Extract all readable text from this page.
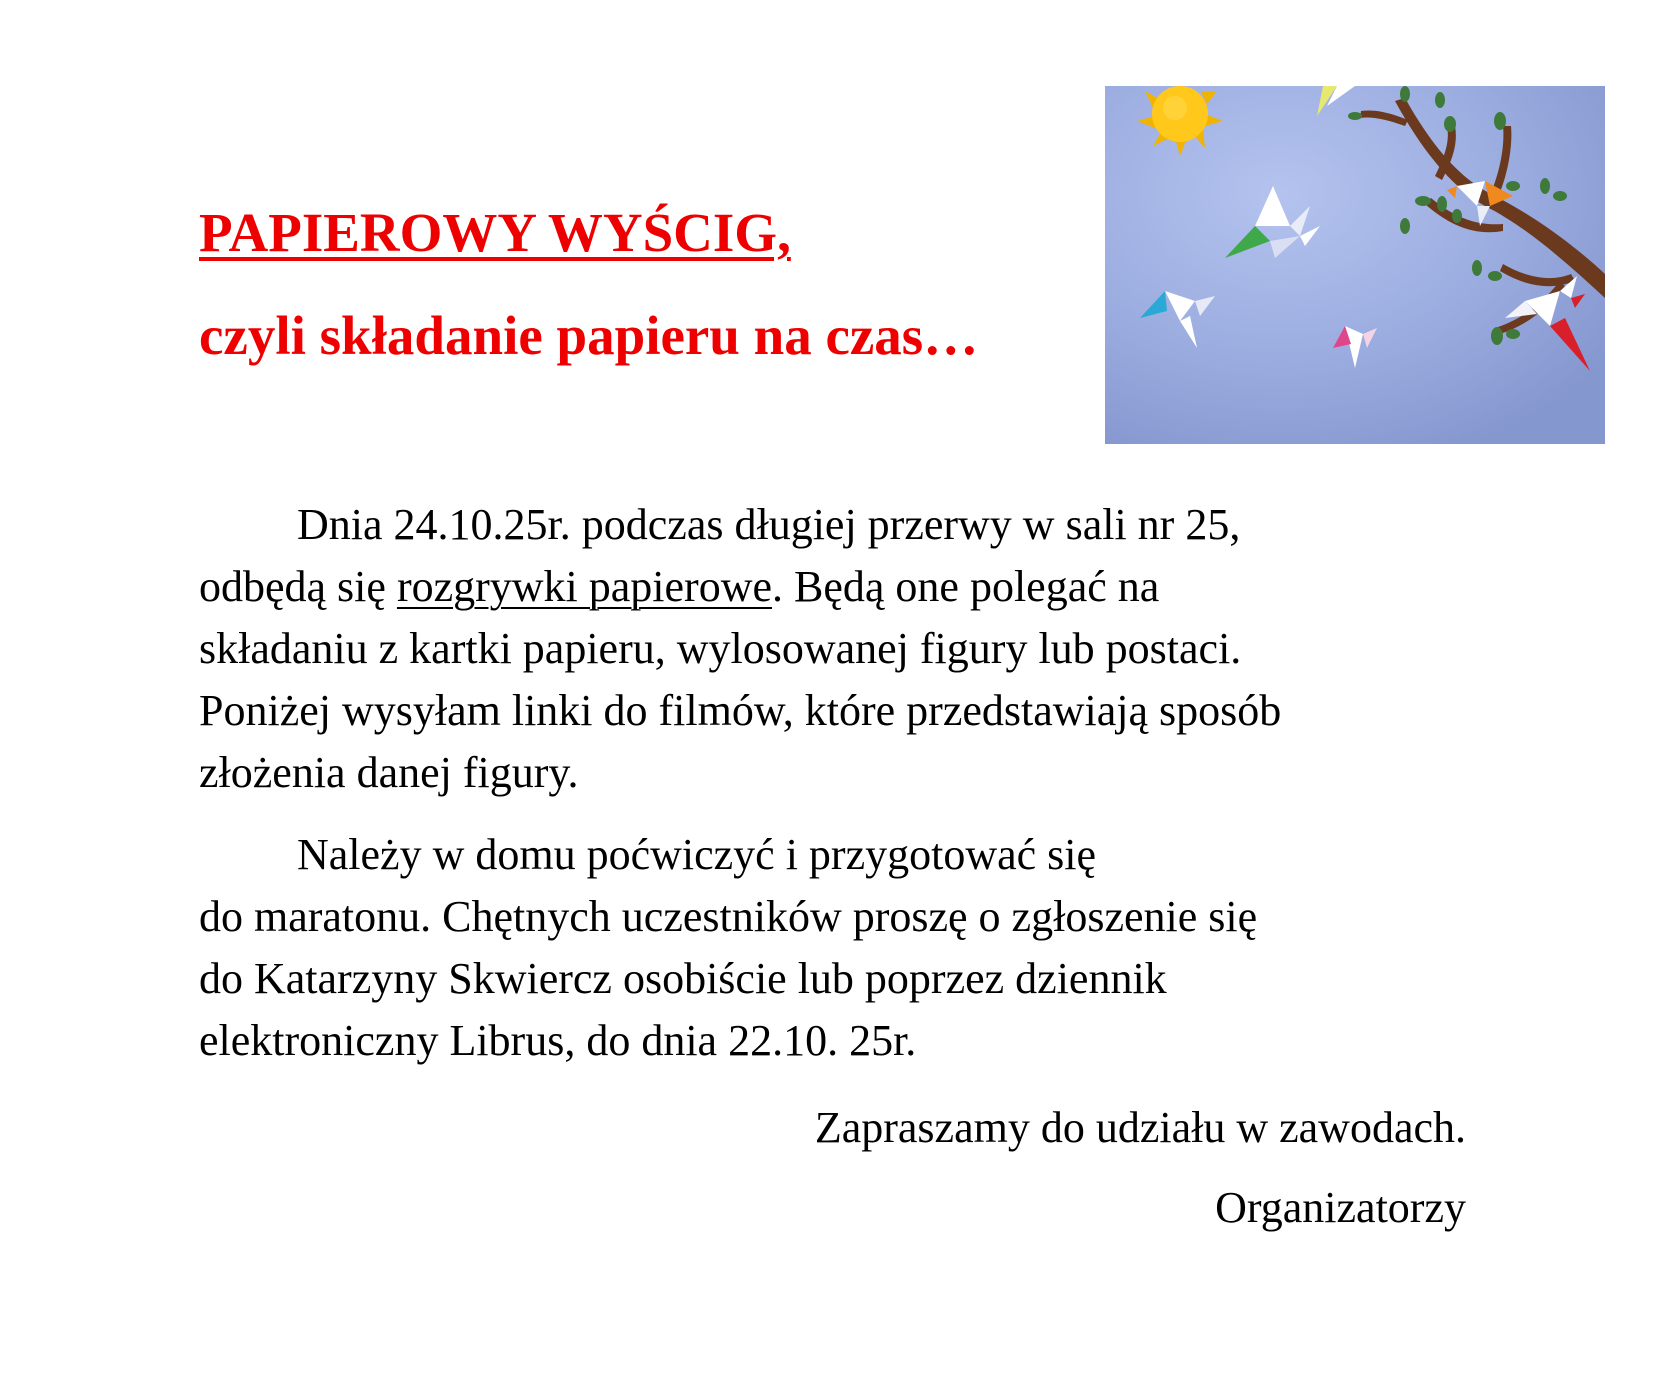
PAPIEROWY WYŚCIG,
czyli składanie papieru na czas…

Dnia 24.10.25r. podczas długiej przerwy w sali nr 25,
odbędą się rozgrywki papierowe. Będą one polegać na
składaniu z kartki papieru, wylosowanej figury lub postaci.
Poniżej wysyłam linki do filmów, które przedstawiają sposób
złożenia danej figury.

Należy w domu poćwiczyć i przygotować się
do maratonu. Chętnych uczestników proszę o zgłoszenie się
do Katarzyny Skwiercz osobiście lub poprzez dziennik
elektroniczny Librus, do dnia 22.10. 25r.

Zapraszamy do udziału w zawodach.

Organizatorzy
